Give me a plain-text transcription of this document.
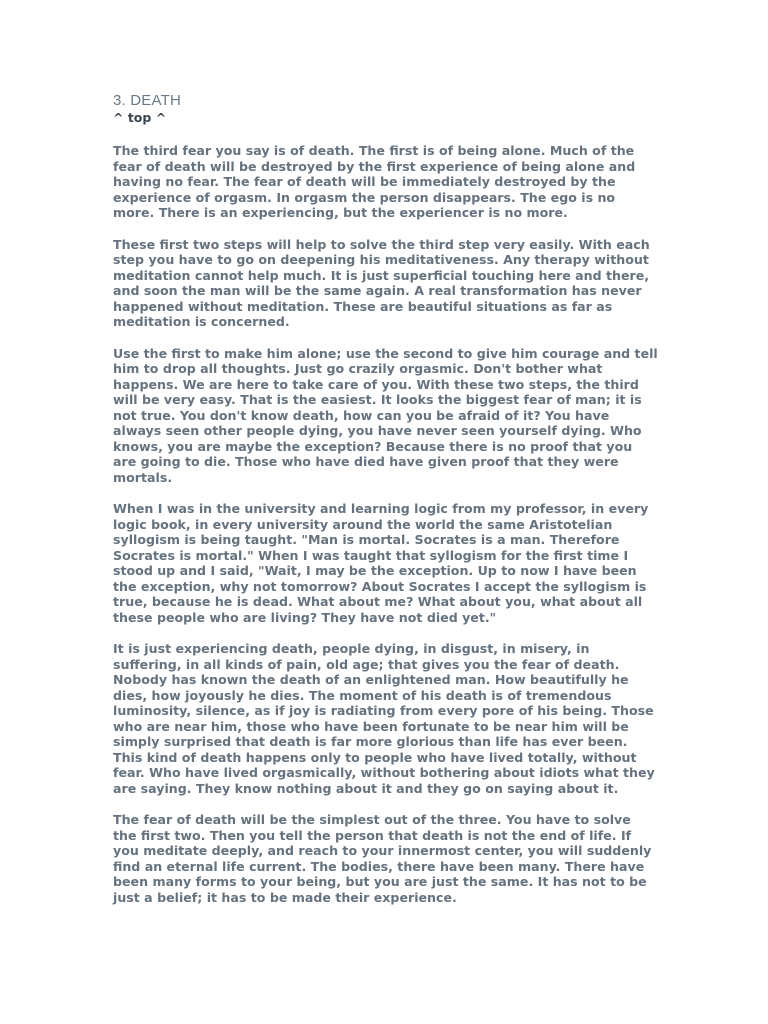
3. DEATH
^ top ^

The third fear you say is of death. The first is of being alone. Much of the fear of death will be destroyed by the first experience of being alone and having no fear. The fear of death will be immediately destroyed by the experience of orgasm. In orgasm the person disappears. The ego is no more. There is an experiencing, but the experiencer is no more.

These first two steps will help to solve the third step very easily. With each step you have to go on deepening his meditativeness. Any therapy without meditation cannot help much. It is just superficial touching here and there, and soon the man will be the same again. A real transformation has never happened without meditation. These are beautiful situations as far as meditation is concerned.

Use the first to make him alone; use the second to give him courage and tell him to drop all thoughts. Just go crazily orgasmic. Don't bother what happens. We are here to take care of you. With these two steps, the third will be very easy. That is the easiest. It looks the biggest fear of man; it is not true. You don't know death, how can you be afraid of it? You have always seen other people dying, you have never seen yourself dying. Who knows, you are maybe the exception? Because there is no proof that you are going to die. Those who have died have given proof that they were mortals.

When I was in the university and learning logic from my professor, in every logic book, in every university around the world the same Aristotelian syllogism is being taught. "Man is mortal. Socrates is a man. Therefore Socrates is mortal." When I was taught that syllogism for the first time I stood up and I said, "Wait, I may be the exception. Up to now I have been the exception, why not tomorrow? About Socrates I accept the syllogism is true, because he is dead. What about me? What about you, what about all these people who are living? They have not died yet."

It is just experiencing death, people dying, in disgust, in misery, in suffering, in all kinds of pain, old age; that gives you the fear of death. Nobody has known the death of an enlightened man. How beautifully he dies, how joyously he dies. The moment of his death is of tremendous luminosity, silence, as if joy is radiating from every pore of his being. Those who are near him, those who have been fortunate to be near him will be simply surprised that death is far more glorious than life has ever been. This kind of death happens only to people who have lived totally, without fear. Who have lived orgasmically, without bothering about idiots what they are saying. They know nothing about it and they go on saying about it.

The fear of death will be the simplest out of the three. You have to solve the first two. Then you tell the person that death is not the end of life. If you meditate deeply, and reach to your innermost center, you will suddenly find an eternal life current. The bodies, there have been many. There have been many forms to your being, but you are just the same. It has not to be just a belief; it has to be made their experience.
